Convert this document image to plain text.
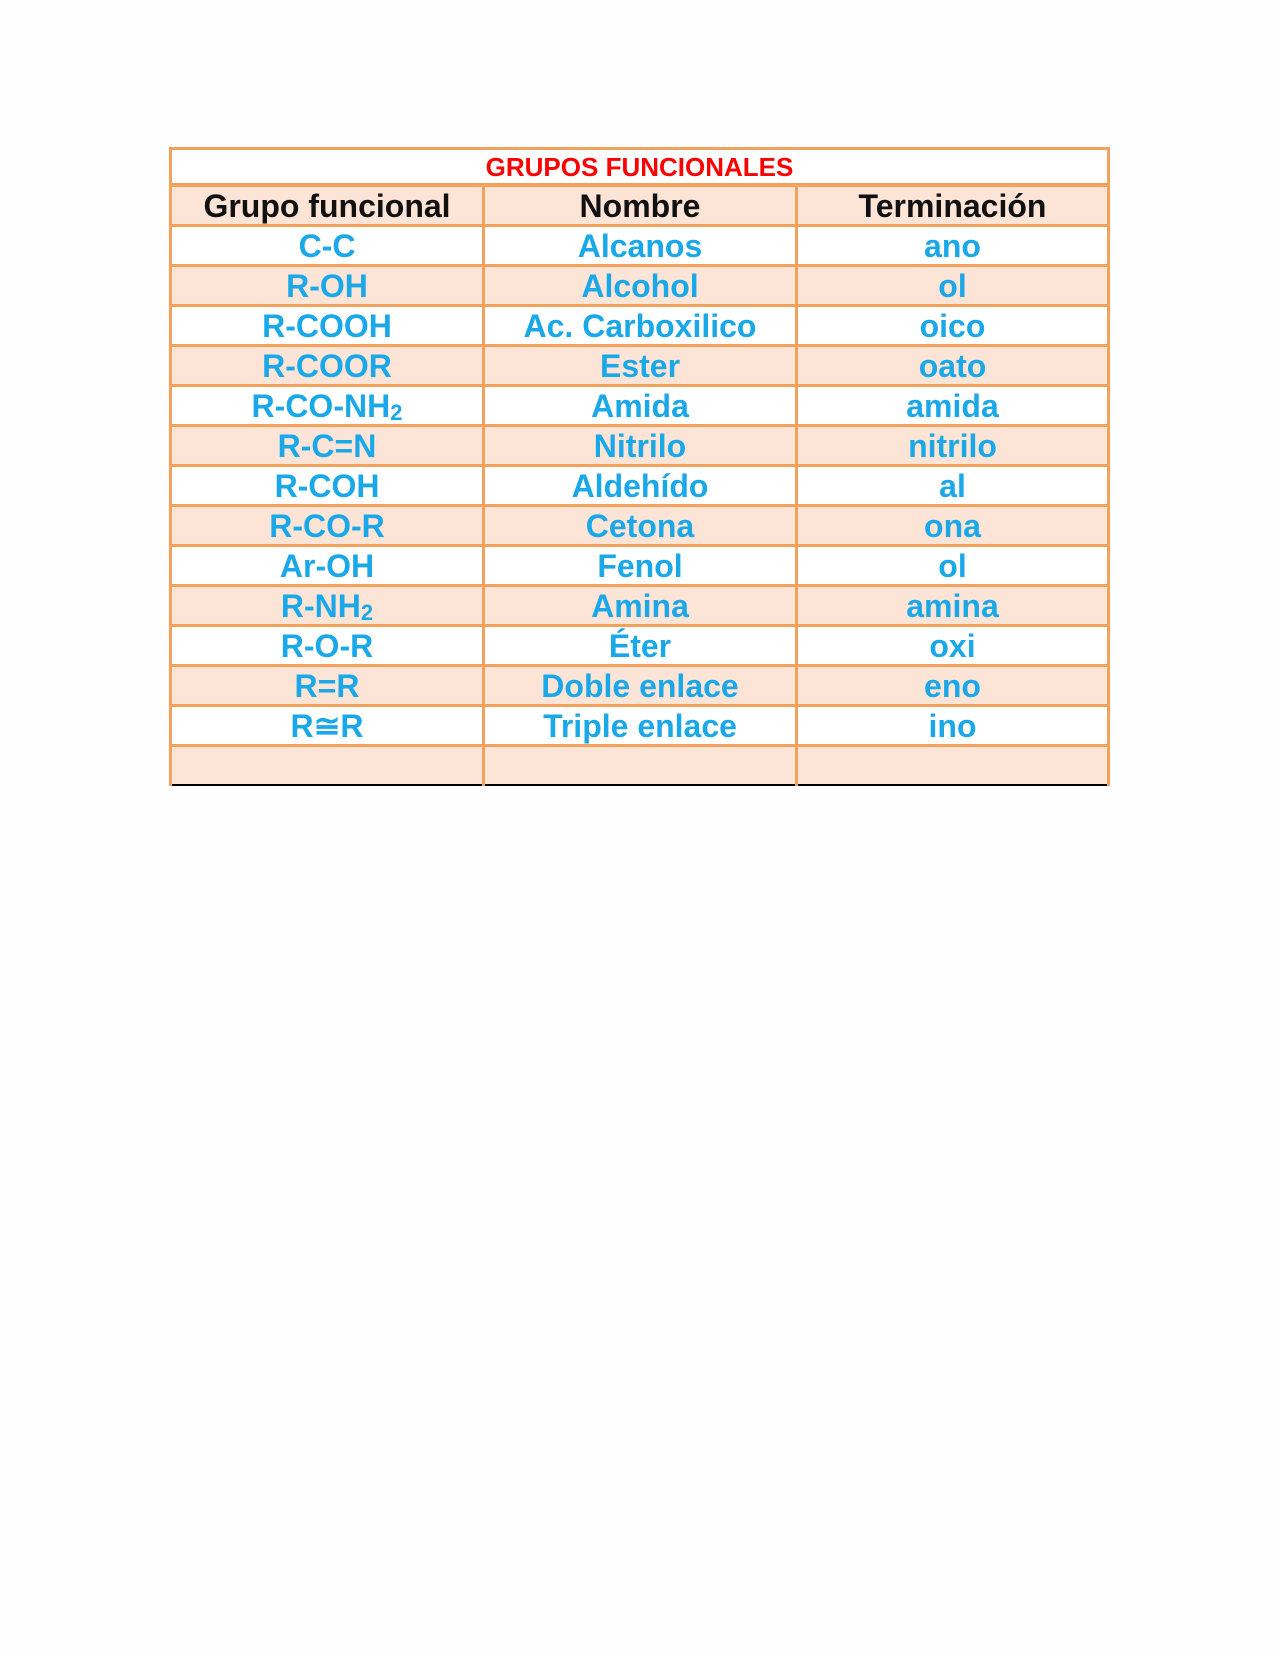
GRUPOS FUNCIONALES		
Grupo funcional	Nombre	Terminación
C-C	Alcanos	ano
R-OH	Alcohol	ol
R-COOH	Ac. Carboxilico	oico
R-COOR	Ester	oato
$R-CO-NH_2$	Amida	amida
R-C=N	Nitrilo	nitrilo
R-COH	Aldehído	al
R-CO-R	Cetona	ona
Ar-OH	Fenol	ol
$R-NH_2$	Amina	amina
R-O-R	Éter	oxi
R=R	Doble enlace	eno
R≅R	Triple enlace	ino
